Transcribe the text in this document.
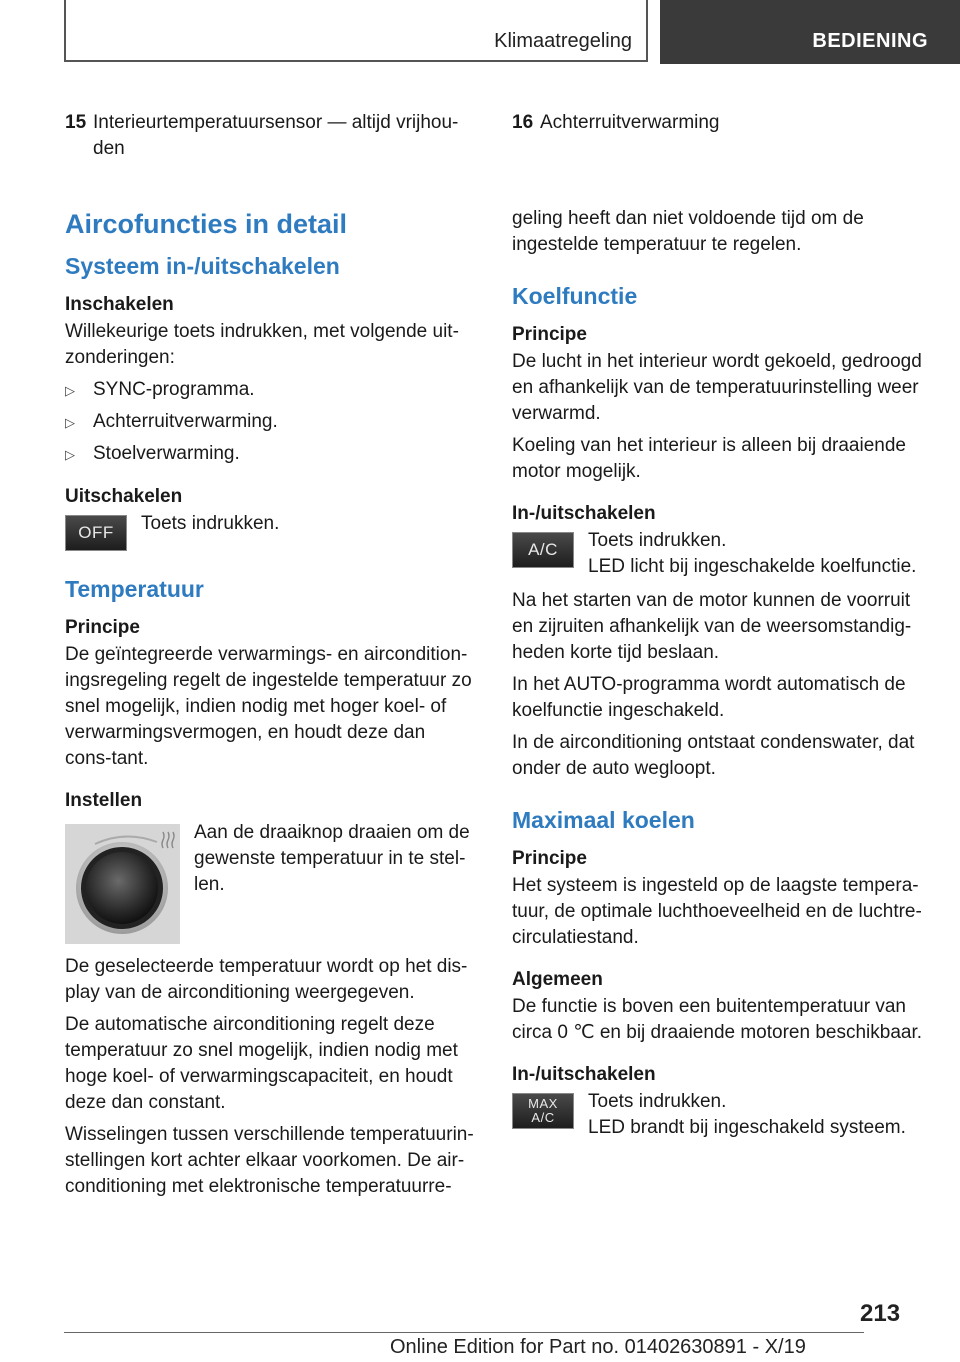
Klimaatregeling	BEDIENING
15 Interieurtemperatuursensor — altijd vrijhou-den
Aircofuncties in detail
Systeem in-/uitschakelen
Inschakelen

Willekeurige toets indrukken, met volgende uit-zonderingen:

▷ SYNC-programma.
▷ Achterruitverwarming.
▷ Stoelverwarming.
Uitschakelen
OFF	Toets indrukken.
Temperatuur
Principe

De geïntegreerde verwarmings- en aircondition-ingsregeling regelt de ingestelde temperatuur zo snel mogelijk, indien nodig met hoger koel- of verwarmingsvermogen, en houdt deze dan cons-tant.

Instellen
Aan de draaiknop draaien om de gewenste temperatuur in te stel-len.

De geselecteerde temperatuur wordt op het dis-play van de airconditioning weergegeven.

De automatische airconditioning regelt deze temperatuur zo snel mogelijk, indien nodig met hoge koel- of verwarmingscapaciteit, en houdt deze dan constant.

Wisselingen tussen verschillende temperatuurin-stellingen kort achter elkaar voorkomen. De air-conditioning met elektronische temperatuurre-

16 Achterruitverwarming

geling heeft dan niet voldoende tijd om de ingestelde temperatuur te regelen.

Koelfunctie
Principe

De lucht in het interieur wordt gekoeld, gedroogd en afhankelijk van de temperatuurinstelling weer verwarmd.

Koeling van het interieur is alleen bij draaiende motor mogelijk.

In-/uitschakelen
A/C	Toets indrukken.
LED licht bij ingeschakelde koelfunctie.

Na het starten van de motor kunnen de voorruit en zijruiten afhankelijk van de weersomstandig-heden korte tijd beslaan.

In het AUTO-programma wordt automatisch de koelfunctie ingeschakeld.

In de airconditioning ontstaat condenswater, dat onder de auto wegloopt.

Maximaal koelen
Principe

Het systeem is ingesteld op de laagste tempera-tuur, de optimale luchthoeveelheid en de luchtre-circulatiestand.

Algemeen

De functie is boven een buitentemperatuur van circa 0 ℃ en bij draaiende motoren beschikbaar.

In-/uitschakelen
MAX
A/C
Toets indrukken.
LED brandt bij ingeschakeld systeem.
213
Online Edition for Part no. 01402630891 - X/19
